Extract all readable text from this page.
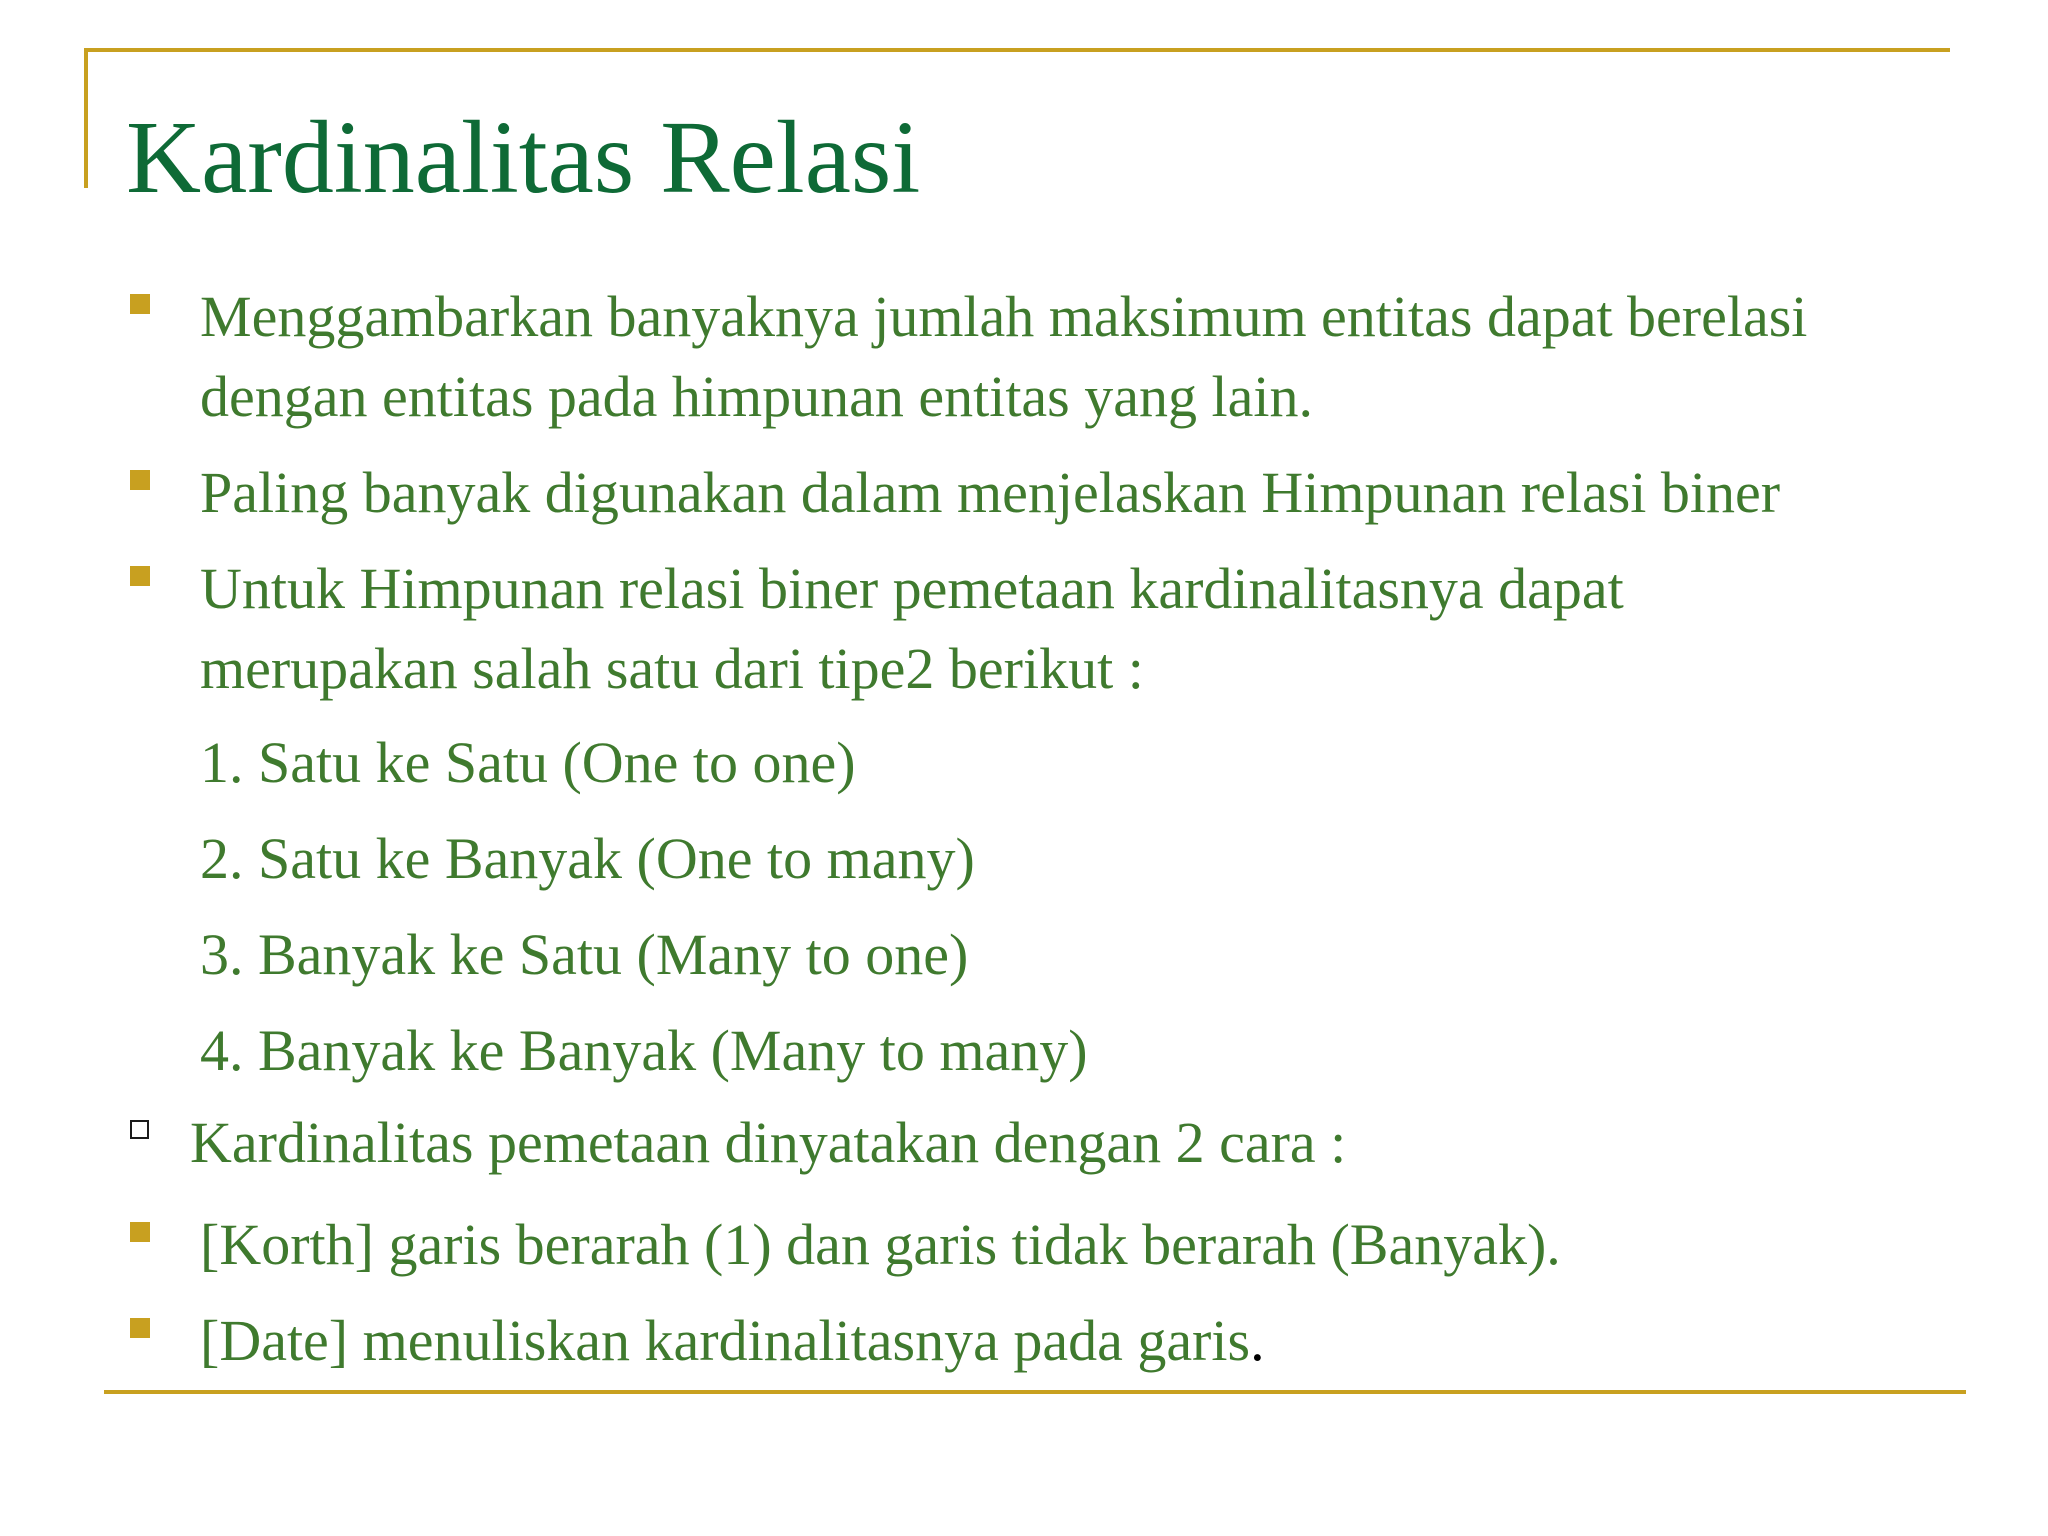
Kardinalitas Relasi

Menggambarkan banyaknya jumlah maksimum entitas dapat berelasi

dengan entitas pada himpunan entitas yang lain.

Paling banyak digunakan dalam menjelaskan Himpunan relasi biner

Untuk Himpunan relasi biner pemetaan kardinalitasnya dapat

merupakan salah satu dari tipe2 berikut :

1. Satu ke Satu (One to one)

2. Satu ke Banyak (One to many)

3. Banyak ke Satu (Many to one)

4. Banyak ke Banyak (Many to many)

Kardinalitas pemetaan dinyatakan dengan 2 cara :

[Korth] garis berarah (1) dan garis tidak berarah (Banyak).

[Date] menuliskan kardinalitasnya pada garis.
